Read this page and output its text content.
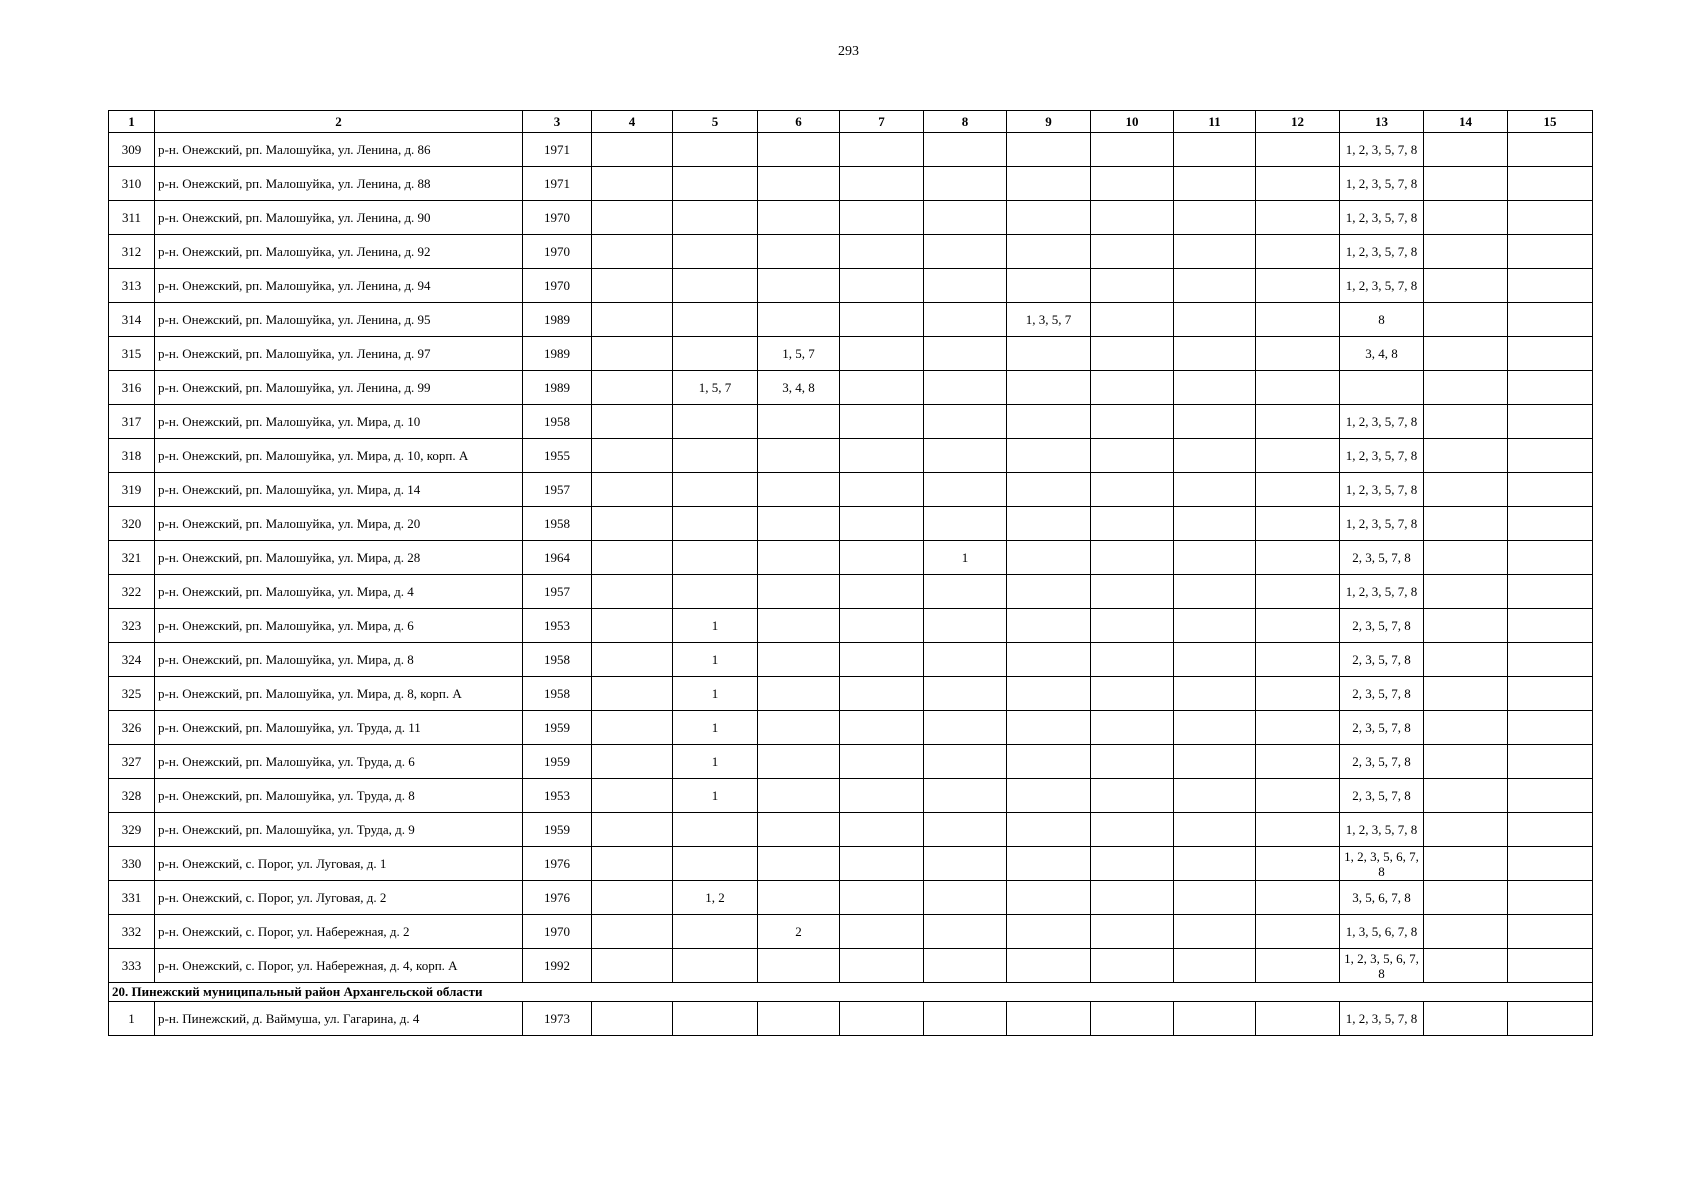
293
1	2	3	4	5	6	7	8	9	10	11	12	13	14	15
309	р-н. Онежский, рп. Малошуйка, ул. Ленина, д. 86	1971										1, 2, 3, 5, 7, 8		
310	р-н. Онежский, рп. Малошуйка, ул. Ленина, д. 88	1971										1, 2, 3, 5, 7, 8		
311	р-н. Онежский, рп. Малошуйка, ул. Ленина, д. 90	1970										1, 2, 3, 5, 7, 8		
312	р-н. Онежский, рп. Малошуйка, ул. Ленина, д. 92	1970										1, 2, 3, 5, 7, 8		
313	р-н. Онежский, рп. Малошуйка, ул. Ленина, д. 94	1970										1, 2, 3, 5, 7, 8		
314	р-н. Онежский, рп. Малошуйка, ул. Ленина, д. 95	1989						1, 3, 5, 7				8		
315	р-н. Онежский, рп. Малошуйка, ул. Ленина, д. 97	1989			1, 5, 7							3, 4, 8		
316	р-н. Онежский, рп. Малошуйка, ул. Ленина, д. 99	1989		1, 5, 7	3, 4, 8									
317	р-н. Онежский, рп. Малошуйка, ул. Мира, д. 10	1958										1, 2, 3, 5, 7, 8		
318	р-н. Онежский, рп. Малошуйка, ул. Мира, д. 10, корп. А	1955										1, 2, 3, 5, 7, 8		
319	р-н. Онежский, рп. Малошуйка, ул. Мира, д. 14	1957										1, 2, 3, 5, 7, 8		
320	р-н. Онежский, рп. Малошуйка, ул. Мира, д. 20	1958										1, 2, 3, 5, 7, 8		
321	р-н. Онежский, рп. Малошуйка, ул. Мира, д. 28	1964					1					2, 3, 5, 7, 8		
322	р-н. Онежский, рп. Малошуйка, ул. Мира, д. 4	1957										1, 2, 3, 5, 7, 8		
323	р-н. Онежский, рп. Малошуйка, ул. Мира, д. 6	1953		1								2, 3, 5, 7, 8		
324	р-н. Онежский, рп. Малошуйка, ул. Мира, д. 8	1958		1								2, 3, 5, 7, 8		
325	р-н. Онежский, рп. Малошуйка, ул. Мира, д. 8, корп. А	1958		1								2, 3, 5, 7, 8		
326	р-н. Онежский, рп. Малошуйка, ул. Труда, д. 11	1959		1								2, 3, 5, 7, 8		
327	р-н. Онежский, рп. Малошуйка, ул. Труда, д. 6	1959		1								2, 3, 5, 7, 8		
328	р-н. Онежский, рп. Малошуйка, ул. Труда, д. 8	1953		1								2, 3, 5, 7, 8		
329	р-н. Онежский, рп. Малошуйка, ул. Труда, д. 9	1959										1, 2, 3, 5, 7, 8		
330	р-н. Онежский, с. Порог, ул. Луговая, д. 1	1976										1, 2, 3, 5, 6, 7, 8		
331	р-н. Онежский, с. Порог, ул. Луговая, д. 2	1976		1, 2								3, 5, 6, 7, 8		
332	р-н. Онежский, с. Порог, ул. Набережная, д. 2	1970			2							1, 3, 5, 6, 7, 8		
333	р-н. Онежский, с. Порог, ул. Набережная, д. 4, корп. А	1992										1, 2, 3, 5, 6, 7, 8		
20. Пинежский муниципальный район Архангельской области														
1	р-н. Пинежский, д. Ваймуша, ул. Гагарина, д. 4	1973										1, 2, 3, 5, 7, 8		
